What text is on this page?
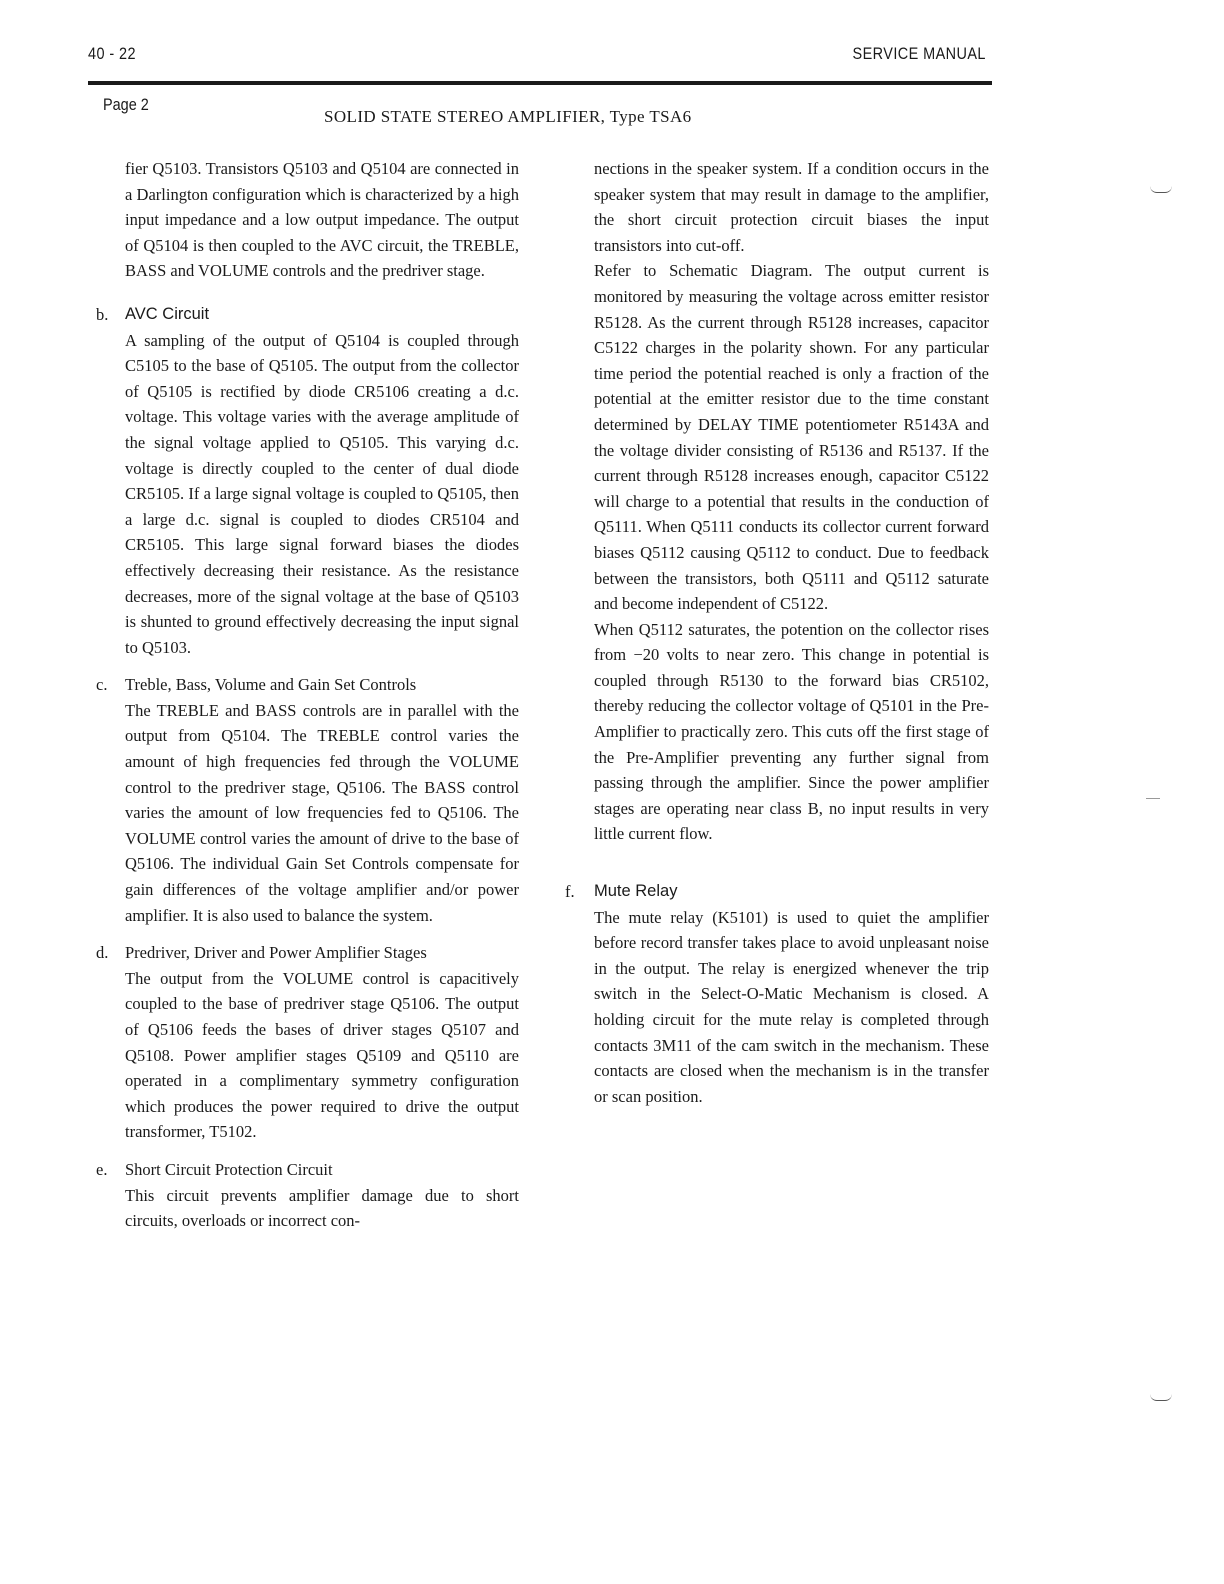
40 - 22	SERVICE MANUAL
Page 2
SOLID STATE STEREO AMPLIFIER, Type TSA6

fier Q5103. Transistors Q5103 and Q5104 are connected in a Darlington configuration which is characterized by a high input impedance and a low output impedance. The output of Q5104 is then coupled to the AVC circuit, the TREBLE, BASS and VOLUME controls and the predriver stage.

b. AVC Circuit

A sampling of the output of Q5104 is coupled through C5105 to the base of Q5105. The output from the collector of Q5105 is rectified by diode CR5106 creating a d.c. voltage. This voltage varies with the average amplitude of the signal voltage applied to Q5105. This varying d.c. voltage is directly coupled to the center of dual diode CR5105. If a large signal voltage is coupled to Q5105, then a large d.c. signal is coupled to diodes CR5104 and CR5105. This large signal forward biases the diodes effectively decreasing their resistance. As the resistance decreases, more of the signal voltage at the base of Q5103 is shunted to ground effectively decreasing the input signal to Q5103.

c. Treble, Bass, Volume and Gain Set Controls

The TREBLE and BASS controls are in parallel with the output from Q5104. The TREBLE control varies the amount of high frequencies fed through the VOLUME control to the predriver stage, Q5106. The BASS control varies the amount of low frequencies fed to Q5106. The VOLUME control varies the amount of drive to the base of Q5106. The individual Gain Set Controls compensate for gain differences of the voltage amplifier and/or power amplifier. It is also used to balance the system.

d. Predriver, Driver and Power Amplifier Stages

The output from the VOLUME control is capacitively coupled to the base of predriver stage Q5106. The output of Q5106 feeds the bases of driver stages Q5107 and Q5108. Power amplifier stages Q5109 and Q5110 are operated in a complimentary symmetry configuration which produces the power required to drive the output transformer, T5102.

e. Short Circuit Protection Circuit

This circuit prevents amplifier damage due to short circuits, overloads or incorrect con-

nections in the speaker system. If a condition occurs in the speaker system that may result in damage to the amplifier, the short circuit protection circuit biases the input transistors into cut-off.

Refer to Schematic Diagram. The output current is monitored by measuring the voltage across emitter resistor R5128. As the current through R5128 increases, capacitor C5122 charges in the polarity shown. For any particular time period the potential reached is only a fraction of the potential at the emitter resistor due to the time constant determined by DELAY TIME potentiometer R5143A and the voltage divider consisting of R5136 and R5137. If the current through R5128 increases enough, capacitor C5122 will charge to a potential that results in the conduction of Q5111. When Q5111 conducts its collector current forward biases Q5112 causing Q5112 to conduct. Due to feedback between the transistors, both Q5111 and Q5112 saturate and become independent of C5122.

When Q5112 saturates, the potention on the collector rises from −20 volts to near zero. This change in potential is coupled through R5130 to the forward bias CR5102, thereby reducing the collector voltage of Q5101 in the Pre-Amplifier to practically zero. This cuts off the first stage of the Pre-Amplifier preventing any further signal from passing through the amplifier. Since the power amplifier stages are operating near class B, no input results in very little current flow.

f. Mute Relay

The mute relay (K5101) is used to quiet the amplifier before record transfer takes place to avoid unpleasant noise in the output. The relay is energized whenever the trip switch in the Select-O-Matic Mechanism is closed. A holding circuit for the mute relay is completed through contacts 3M11 of the cam switch in the mechanism. These contacts are closed when the mechanism is in the transfer or scan position.
